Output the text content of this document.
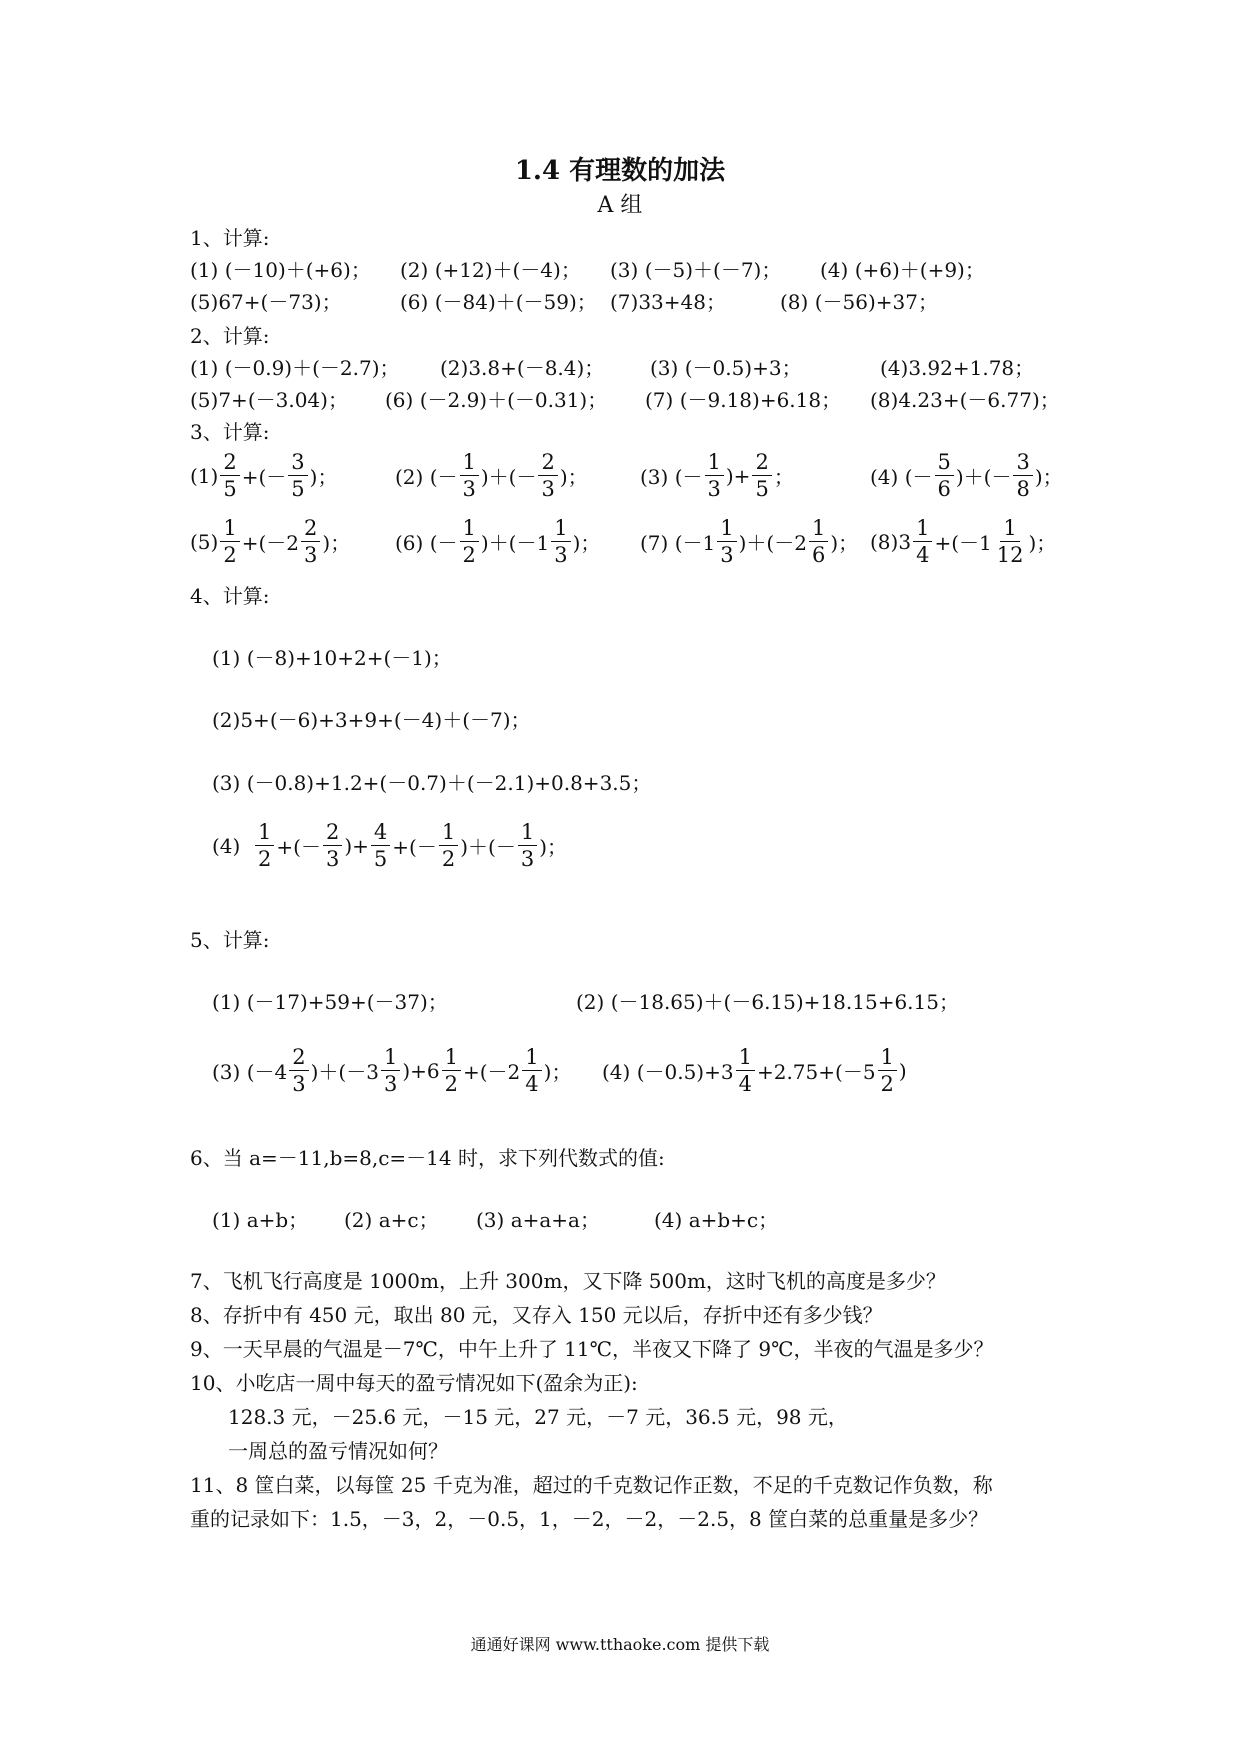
1.4 有理数的加法
A 组
1、计算:
(1) (－10)＋(+6)；	(2) (+12)＋(－4)；	(3) (－5)＋(－7)；	(4) (+6)＋(+9)；
(5)67+(－73)；	(6) (－84)＋(－59)； (7)33+48；	(8) (－56)+37；
2、计算:
(1) (－0.9)＋(－2.7)；	(2)3.8+(－8.4)；	(3) (－0.5)+3；	(4)3.92+1.78；
(5)7+(－3.04)；	(6) (－2.9)＋(－0.31)；	(7) (－9.18)+6.18；	(8)4.23+(－6.77)；
3、计算:
$(1) \frac{2}{5}$ +(－ $\frac{3}{5}$ )；	(2) (－ $\frac{1}{3}$ )＋(－ $\frac{2}{3}$ )；	(3) (－ $\frac{1}{3}$ )+ $\frac{2}{5}$ ；	(4) (－ $\frac{5}{6}$ )＋(－ $\frac{3}{8}$ )；
$(5) \frac{1}{2} +(-2 \frac{2}{3}$ )； (6) (－ $\frac{1}{2} )+(-1 \frac{1}{3}$ )； (7) $(-1 \frac{1}{3} )+(-2 \frac{1}{6}$ )； $(8)3 \frac{1}{4} +(-1 \frac{1}{12}$ )；
4、计算:
(1) (－8)+10+2+(－1)；
(2)5+(－6)+3+9+(－4)＋(－7)；
(3) (－0.8)+1.2+(－0.7)＋(－2.1)+0.8+3.5；
$(4) \frac{1}{2}$ +(－ $\frac{2}{3}$ )+ $\frac{4}{5}$ +(－ $\frac{1}{2}$ )＋(－ $\frac{1}{3}$ )；
5、计算:
(1) (－17)+59+(－37)；	(2) (－18.65)＋(－6.15)+18.15+6.15；
(3) $(-4 \frac{2}{3} )+(-3 \frac{1}{3} )+6 \frac{1}{2} +(-2 \frac{1}{4}$ )； (4) $(-0.5)+3 \frac{1}{4} +2.75+(-5 \frac{1}{2}$ )
6、当 a=－11,b=8,c=－14 时，求下列代数式的值:
(1) a+b；	(2) a+c；	(3) a+a+a；	(4) a+b+c；
7、飞机飞行高度是 1000m，上升 300m，又下降 500m，这时飞机的高度是多少？
8、存折中有 450 元，取出 80 元，又存入 150 元以后，存折中还有多少钱？
9、一天早晨的气温是－7℃，中午上升了 11℃，半夜又下降了 9℃，半夜的气温是多少？
10、小吃店一周中每天的盈亏情况如下(盈余为正):
128.3 元，－25.6 元，－15 元，27 元，－7 元，36.5 元，98 元，
一周总的盈亏情况如何？
11、8 筐白菜，以每筐 25 千克为准，超过的千克数记作正数，不足的千克数记作负数，称
重的记录如下：1.5，－3，2，－0.5，1，－2，－2，－2.5，8 筐白菜的总重量是多少？
通通好课网 www.tthaoke.com 提供下载
